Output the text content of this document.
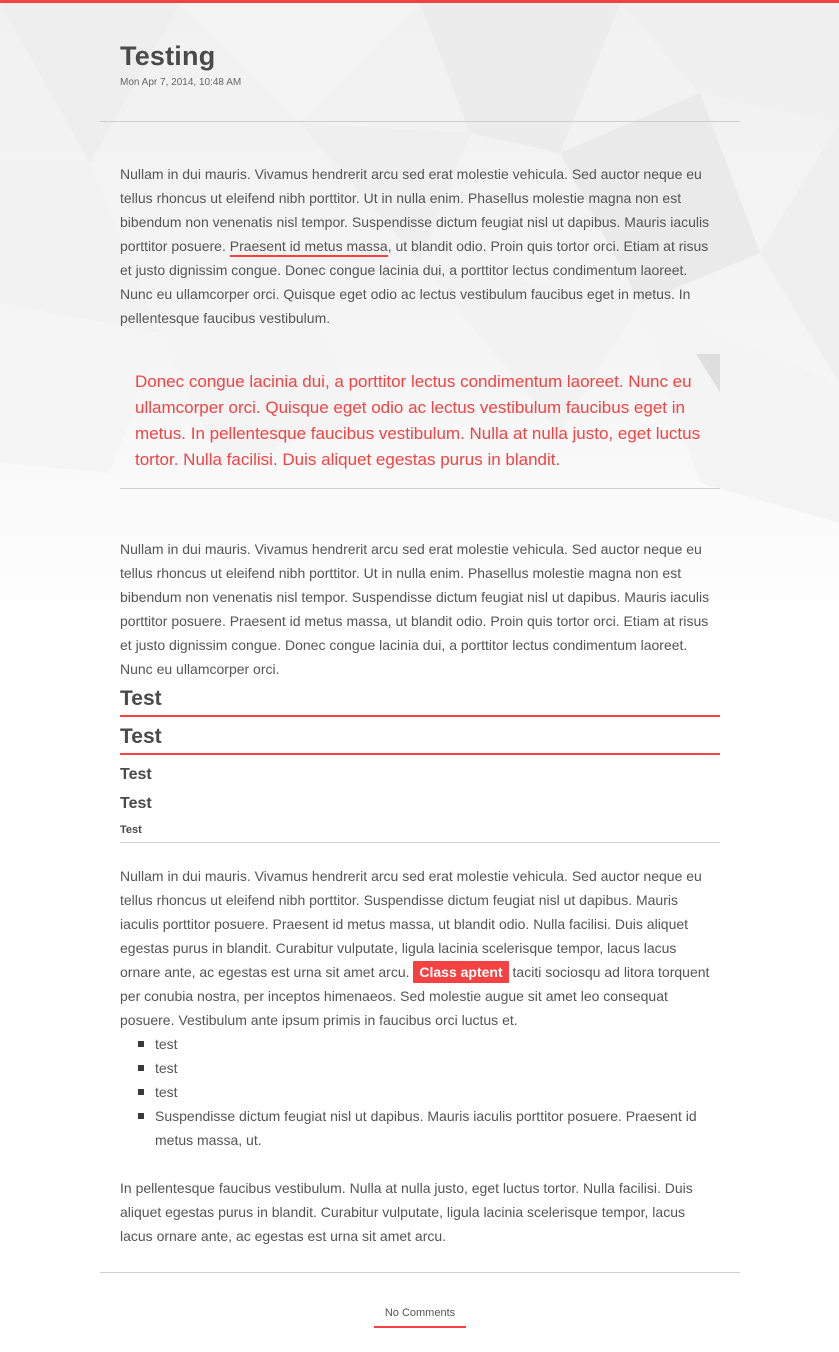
Testing
Mon Apr 7, 2014, 10:48 AM

Nullam in dui mauris. Vivamus hendrerit arcu sed erat molestie vehicula. Sed auctor neque eu tellus rhoncus ut eleifend nibh porttitor. Ut in nulla enim. Phasellus molestie magna non est bibendum non venenatis nisl tempor. Suspendisse dictum feugiat nisl ut dapibus. Mauris iaculis porttitor posuere. Praesent id metus massa, ut blandit odio. Proin quis tortor orci. Etiam at risus et justo dignissim congue. Donec congue lacinia dui, a porttitor lectus condimentum laoreet. Nunc eu ullamcorper orci. Quisque eget odio ac lectus vestibulum faucibus eget in metus. In pellentesque faucibus vestibulum.

Donec congue lacinia dui, a porttitor lectus condimentum laoreet. Nunc eu ullamcorper orci. Quisque eget odio ac lectus vestibulum faucibus eget in metus. In pellentesque faucibus vestibulum. Nulla at nulla justo, eget luctus tortor. Nulla facilisi. Duis aliquet egestas purus in blandit.

Nullam in dui mauris. Vivamus hendrerit arcu sed erat molestie vehicula. Sed auctor neque eu tellus rhoncus ut eleifend nibh porttitor. Ut in nulla enim. Phasellus molestie magna non est bibendum non venenatis nisl tempor. Suspendisse dictum feugiat nisl ut dapibus. Mauris iaculis porttitor posuere. Praesent id metus massa, ut blandit odio. Proin quis tortor orci. Etiam at risus et justo dignissim congue. Donec congue lacinia dui, a porttitor lectus condimentum laoreet. Nunc eu ullamcorper orci.

Test
Test
Test
Test
Test

Nullam in dui mauris. Vivamus hendrerit arcu sed erat molestie vehicula. Sed auctor neque eu tellus rhoncus ut eleifend nibh porttitor. Suspendisse dictum feugiat nisl ut dapibus. Mauris iaculis porttitor posuere. Praesent id metus massa, ut blandit odio. Nulla facilisi. Duis aliquet egestas purus in blandit. Curabitur vulputate, ligula lacinia scelerisque tempor, lacus lacus ornare ante, ac egestas est urna sit amet arcu. Class aptent taciti sociosqu ad litora torquent per conubia nostra, per inceptos himenaeos. Sed molestie augue sit amet leo consequat posuere. Vestibulum ante ipsum primis in faucibus orci luctus et.

test
test
test
Suspendisse dictum feugiat nisl ut dapibus. Mauris iaculis porttitor posuere. Praesent id metus massa, ut.

In pellentesque faucibus vestibulum. Nulla at nulla justo, eget luctus tortor. Nulla facilisi. Duis aliquet egestas purus in blandit. Curabitur vulputate, ligula lacinia scelerisque tempor, lacus lacus ornare ante, ac egestas est urna sit amet arcu.

No Comments
